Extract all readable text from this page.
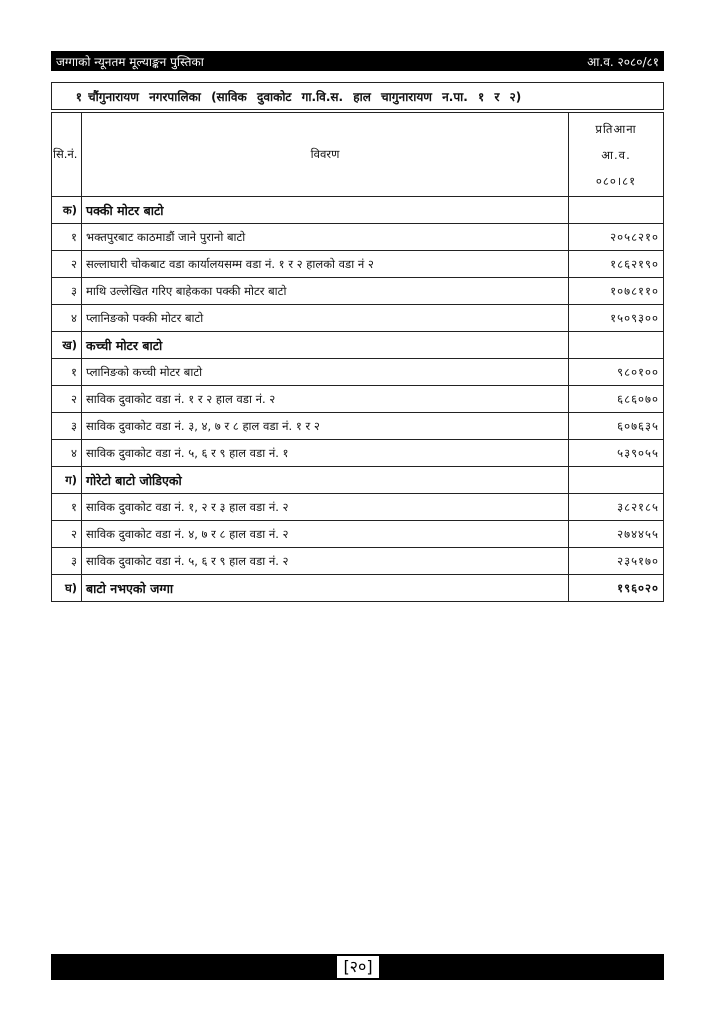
जग्गाको न्यूनतम मूल्याङ्कन पुस्तिका	आ.व. २०८०/८१
१ चौंगुनारायण नगरपालिका (साविक दुवाकोट गा.वि.स. हाल चागुनारायण न.पा. १ र २)
सि.नं.	विवरण	प्रतिआना
आ.व.
०८०।८१

क)	पक्की मोटर बाटो	
१	भक्तपुरबाट काठमाडौं जाने पुरानो बाटो	२०५८२१०
२	सल्लाघारी चोकबाट वडा कार्यालयसम्म वडा नं. १ र २ हालको वडा नं २	१८६२१९०
३	माथि उल्लेखित गरिए बाहेकका पक्की मोटर बाटो	१०७८११०
४	प्लानिङको पक्की मोटर बाटो	१५०९३००
ख)	कच्ची मोटर बाटो	
१	प्लानिङको कच्ची मोटर बाटो	९८०१००
२	साविक दुवाकोट वडा नं. १ र २ हाल वडा नं. २	६८६०७०
३	साविक दुवाकोट वडा नं. ३, ४, ७ र ८ हाल वडा नं. १ र २	६०७६३५
४	साविक दुवाकोट वडा नं. ५, ६ र ९ हाल वडा नं. १	५३९०५५
ग)	गोरेटो बाटो जोडिएको	
१	साविक दुवाकोट वडा नं. १, २ र ३ हाल वडा नं. २	३८२१८५
२	साविक दुवाकोट वडा नं. ४, ७ र ८ हाल वडा नं. २	२७४४५५
३	साविक दुवाकोट वडा नं. ५, ६ र ९ हाल वडा नं. २	२३५१७०
घ)	बाटो नभएको जग्गा	१९६०२०
[२०]
